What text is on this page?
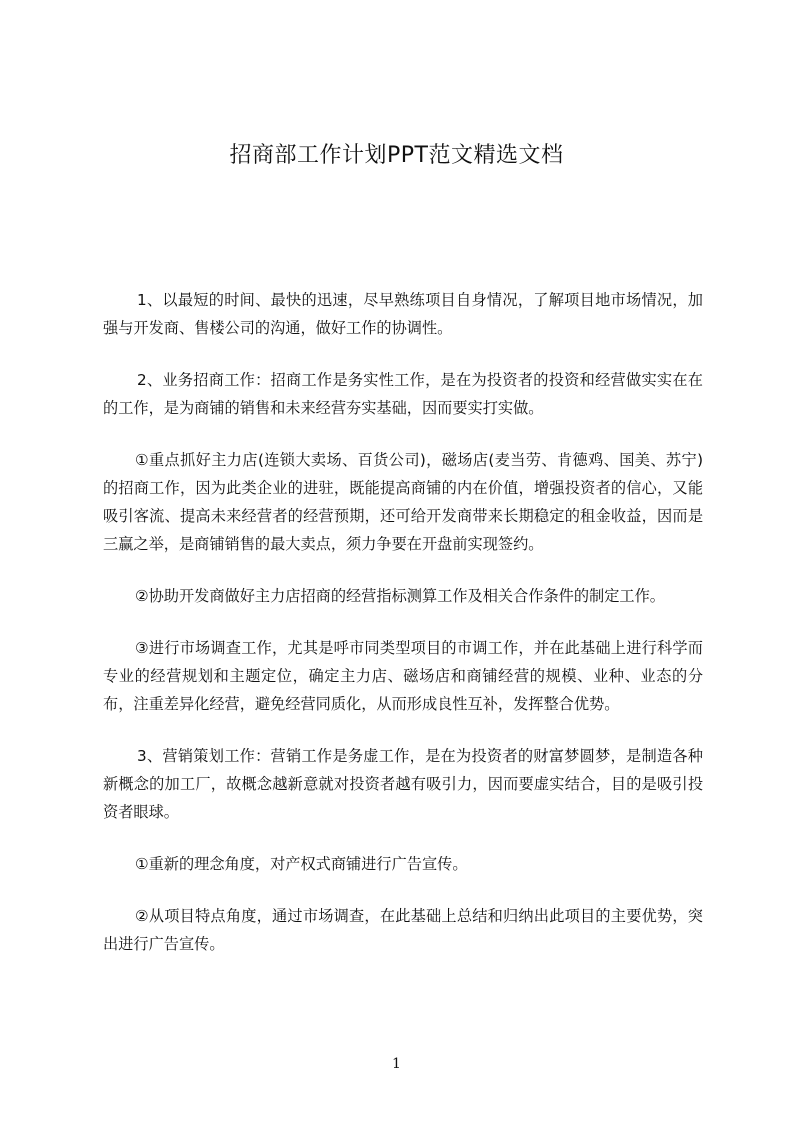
招商部工作计划PPT范文精选文档

1、以最短的时间、最快的迅速，尽早熟练项目自身情况，了解项目地市场情况，加强与开发商、售楼公司的沟通，做好工作的协调性。

2、业务招商工作：招商工作是务实性工作，是在为投资者的投资和经营做实实在在的工作，是为商铺的销售和未来经营夯实基础，因而要实打实做。

①重点抓好主力店(连锁大卖场、百货公司)，磁场店(麦当劳、肯德鸡、国美、苏宁)的招商工作，因为此类企业的进驻，既能提高商铺的内在价值，增强投资者的信心，又能吸引客流、提高未来经营者的经营预期，还可给开发商带来长期稳定的租金收益，因而是三赢之举，是商铺销售的最大卖点，须力争要在开盘前实现签约。

②协助开发商做好主力店招商的经营指标测算工作及相关合作条件的制定工作。

③进行市场调查工作，尤其是呼市同类型项目的市调工作，并在此基础上进行科学而专业的经营规划和主题定位，确定主力店、磁场店和商铺经营的规模、业种、业态的分布，注重差异化经营，避免经营同质化，从而形成良性互补，发挥整合优势。

3、营销策划工作：营销工作是务虚工作，是在为投资者的财富梦圆梦，是制造各种新概念的加工厂，故概念越新意就对投资者越有吸引力，因而要虚实结合，目的是吸引投资者眼球。

①重新的理念角度，对产权式商铺进行广告宣传。

②从项目特点角度，通过市场调查，在此基础上总结和归纳出此项目的主要优势，突出进行广告宣传。

1
